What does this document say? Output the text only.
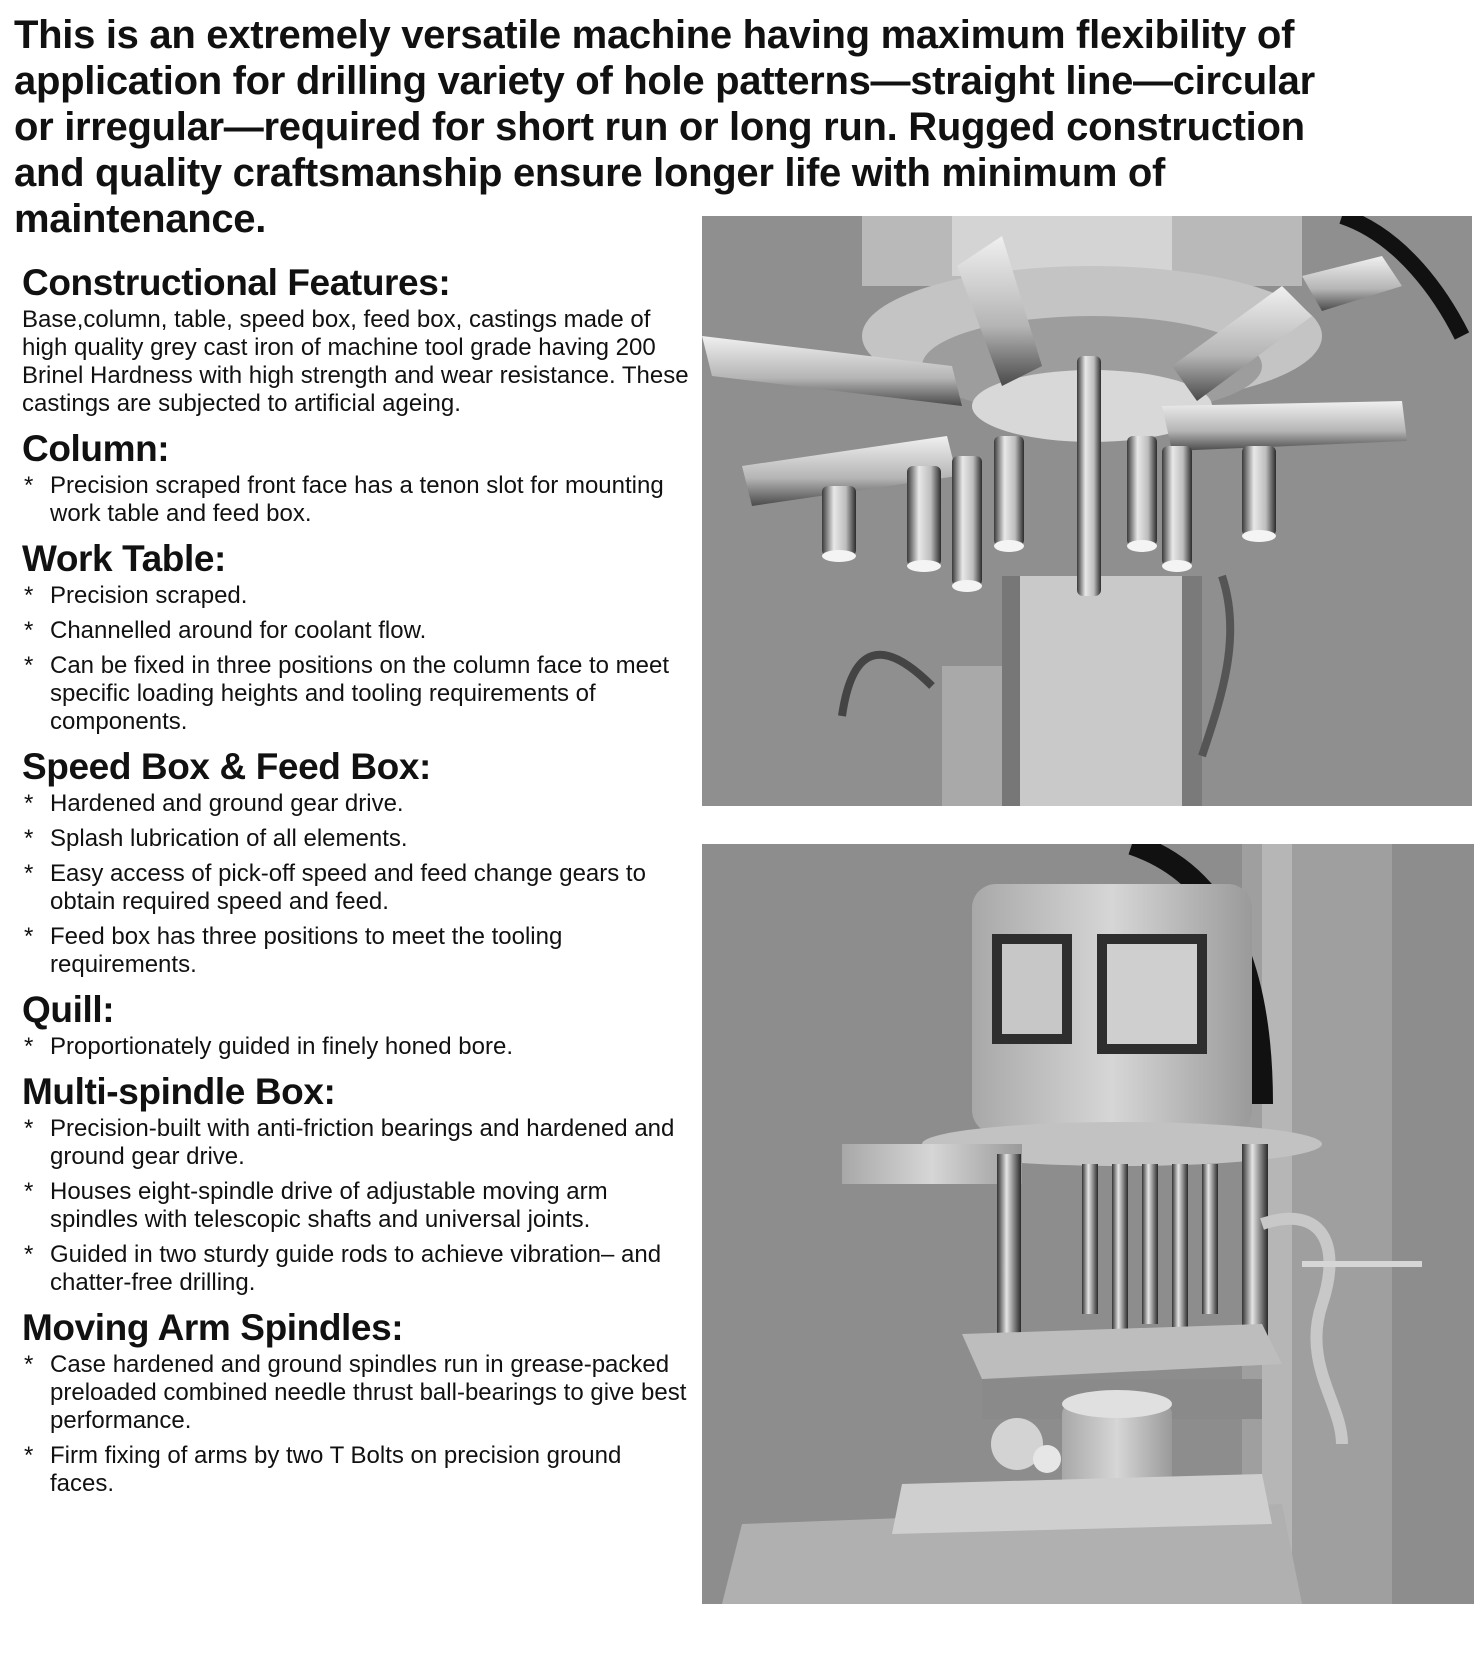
This is an extremely versatile machine having maximum flexibility of application for drilling variety of hole patterns—straight line—circular or irregular—required for short run or long run. Rugged construction and quality craftsmanship ensure longer life with minimum of maintenance.

Constructional Features:

Base,column, table, speed box, feed box, castings made of high quality grey cast iron of machine tool grade having 200 Brinel Hardness with high strength and wear resistance. These castings are subjected to artificial ageing.

Column:
* Precision scraped front face has a tenon slot for mounting work table and feed box.
Work Table:
* Precision scraped.
* Channelled around for coolant flow.
* Can be fixed in three positions on the column face to meet specific loading heights and tooling requirements of components.
Speed Box & Feed Box:
* Hardened and ground gear drive.
* Splash lubrication of all elements.
* Easy access of pick-off speed and feed change gears to obtain required speed and feed.
* Feed box has three positions to meet the tooling requirements.
Quill:
* Proportionately guided in finely honed bore.
Multi-spindle Box:
* Precision-built with anti-friction bearings and hardened and ground gear drive.
* Houses eight-spindle drive of adjustable moving arm spindles with telescopic shafts and universal joints.
* Guided in two sturdy guide rods to achieve vibration– and chatter-free drilling.
Moving Arm Spindles:
* Case hardened and ground spindles run in grease-packed preloaded combined needle thrust ball-bearings to give best performance.
* Firm fixing of arms by two T Bolts on precision ground faces.
